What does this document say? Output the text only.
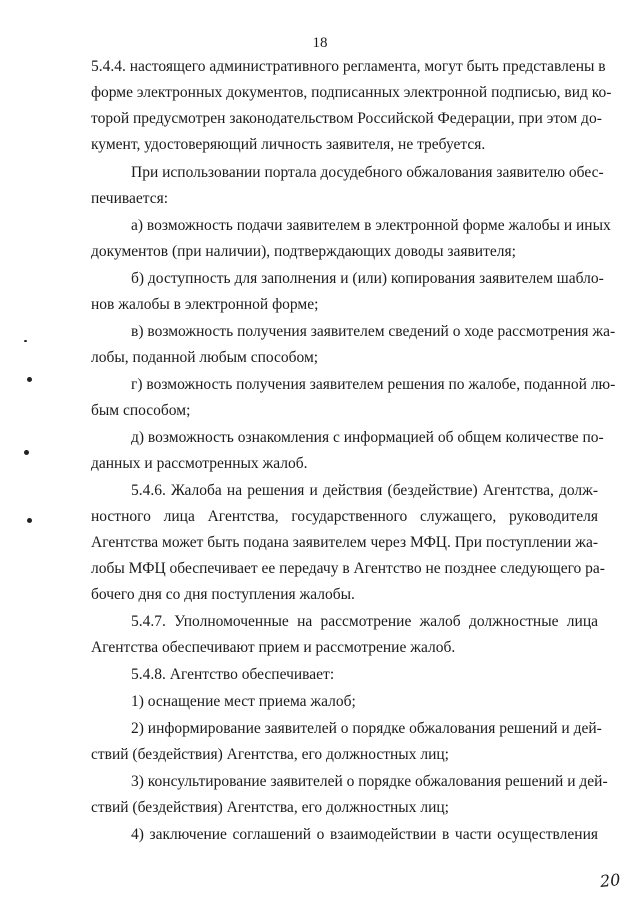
18
5.4.4. настоящего административного регламента, могут быть представлены в
форме электронных документов, подписанных электронной подписью, вид ко-
торой предусмотрен законодательством Российской Федерации, при этом до-
кумент, удостоверяющий личность заявителя, не требуется.
При использовании портала досудебного обжалования заявителю обес-
печивается:
а) возможность подачи заявителем в электронной форме жалобы и иных
документов (при наличии), подтверждающих доводы заявителя;
б) доступность для заполнения и (или) копирования заявителем шабло-
нов жалобы в электронной форме;
в) возможность получения заявителем сведений о ходе рассмотрения жа-
лобы, поданной любым способом;
г) возможность получения заявителем решения по жалобе, поданной лю-
бым способом;
д) возможность ознакомления с информацией об общем количестве по-
данных и рассмотренных жалоб.
5.4.6. Жалоба на решения и действия (бездействие) Агентства, долж-
ностного лица Агентства, государственного служащего, руководителя
Агентства может быть подана заявителем через МФЦ. При поступлении жа-
лобы МФЦ обеспечивает ее передачу в Агентство не позднее следующего ра-
бочего дня со дня поступления жалобы.
5.4.7. Уполномоченные на рассмотрение жалоб должностные лица
Агентства обеспечивают прием и рассмотрение жалоб.
5.4.8. Агентство обеспечивает:
1) оснащение мест приема жалоб;
2) информирование заявителей о порядке обжалования решений и дей-
ствий (бездействия) Агентства, его должностных лиц;
3) консультирование заявителей о порядке обжалования решений и дей-
ствий (бездействия) Агентства, его должностных лиц;
4) заключение соглашений о взаимодействии в части осуществления
20
